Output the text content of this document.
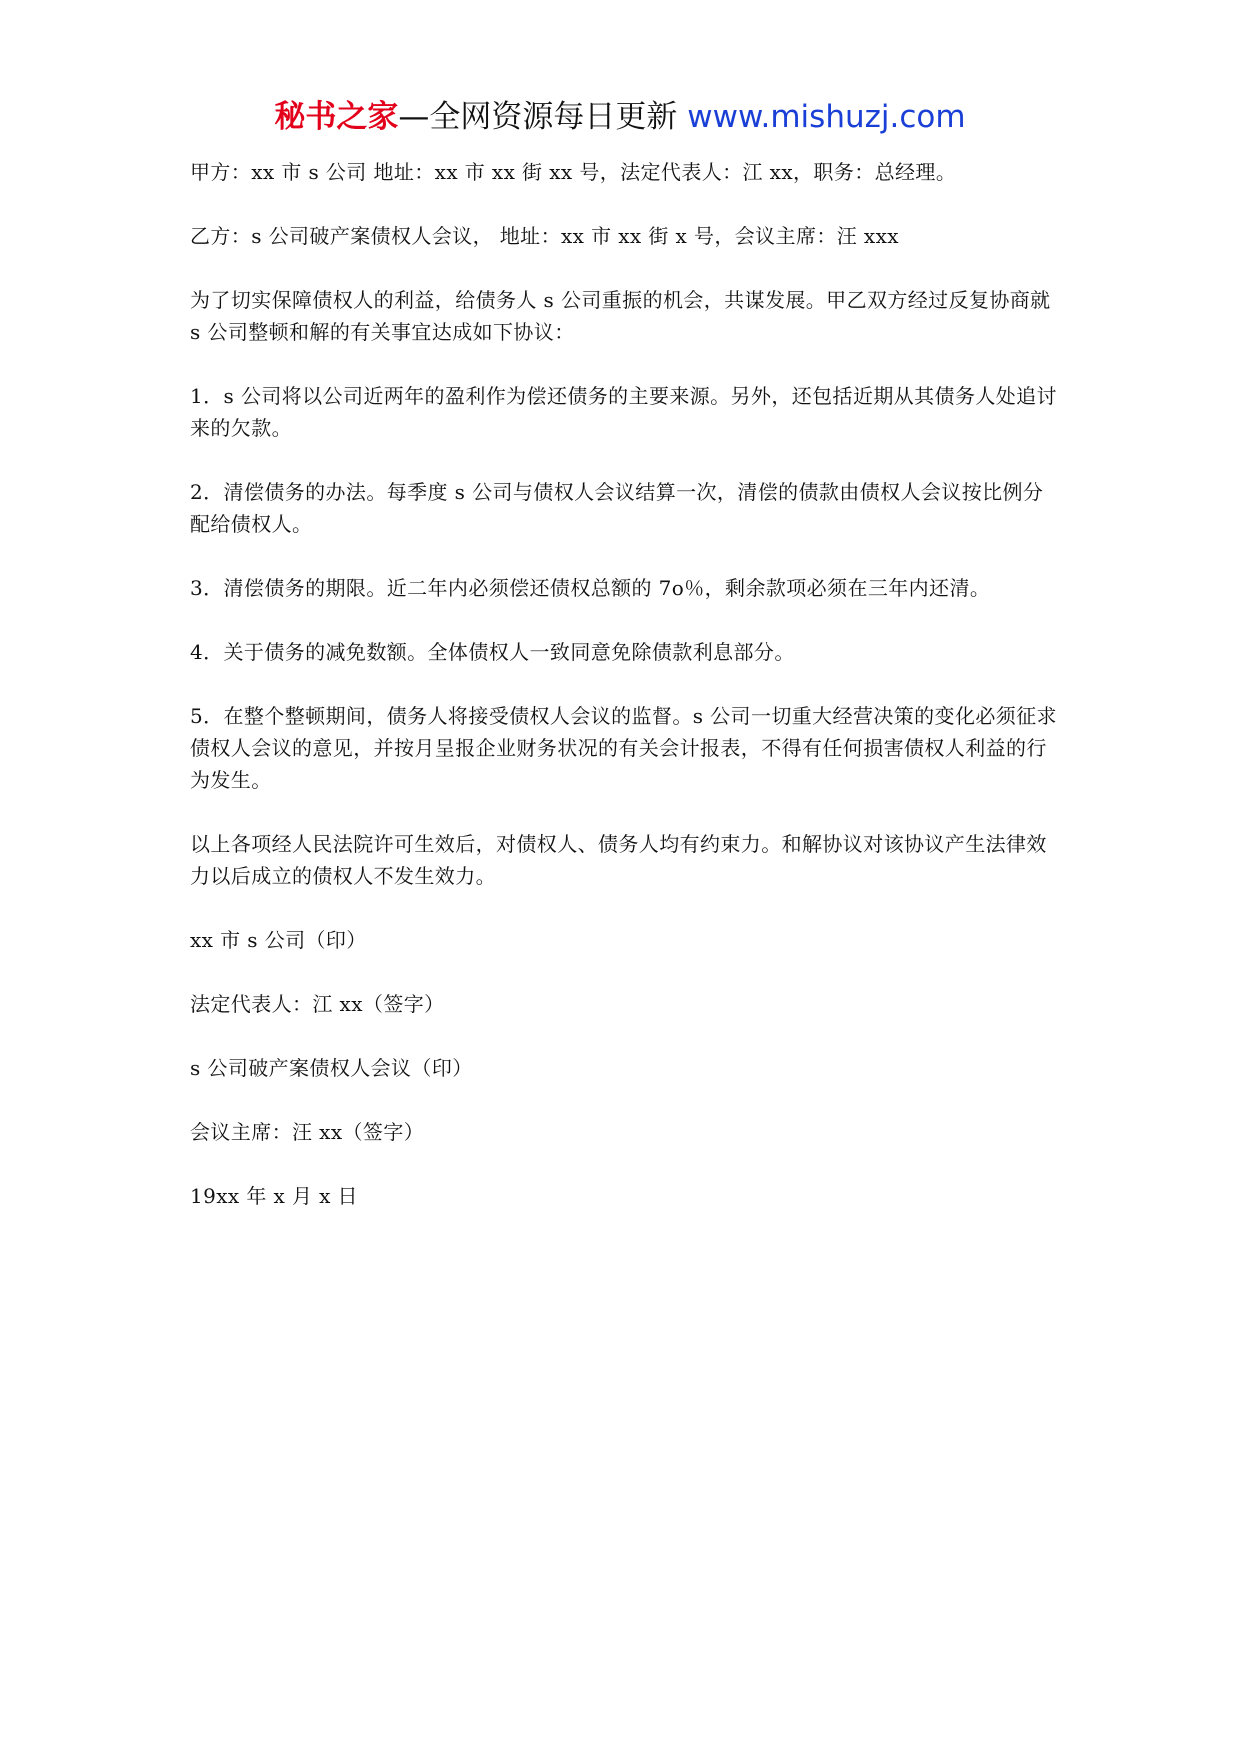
秘书之家—全网资源每日更新 www.mishuzj.com

甲方：xx 市 s 公司 地址：xx 市 xx 街 xx 号，法定代表人：江 xx，职务：总经理。

乙方：s 公司破产案债权人会议， 地址：xx 市 xx 街 x 号，会议主席：汪 xxx

为了切实保障债权人的利益，给债务人 s 公司重振的机会，共谋发展。甲乙双方经过反复协商就 s 公司整顿和解的有关事宜达成如下协议：

1．s 公司将以公司近两年的盈利作为偿还债务的主要来源。另外，还包括近期从其债务人处追讨来的欠款。

2．清偿债务的办法。每季度 s 公司与债权人会议结算一次，清偿的债款由债权人会议按比例分配给债权人。

3．清偿债务的期限。近二年内必须偿还债权总额的 7o％，剩余款项必须在三年内还清。

4．关于债务的减免数额。全体债权人一致同意免除债款利息部分。

5．在整个整顿期间，债务人将接受债权人会议的监督。s 公司一切重大经营决策的变化必须征求债权人会议的意见，并按月呈报企业财务状况的有关会计报表，不得有任何损害债权人利益的行为发生。

以上各项经人民法院许可生效后，对债权人、债务人均有约束力。和解协议对该协议产生法律效力以后成立的债权人不发生效力。

xx 市 s 公司（印）

法定代表人：江 xx（签字）

s 公司破产案债权人会议（印）

会议主席：汪 xx（签字）

19xx 年 x 月 x 日
